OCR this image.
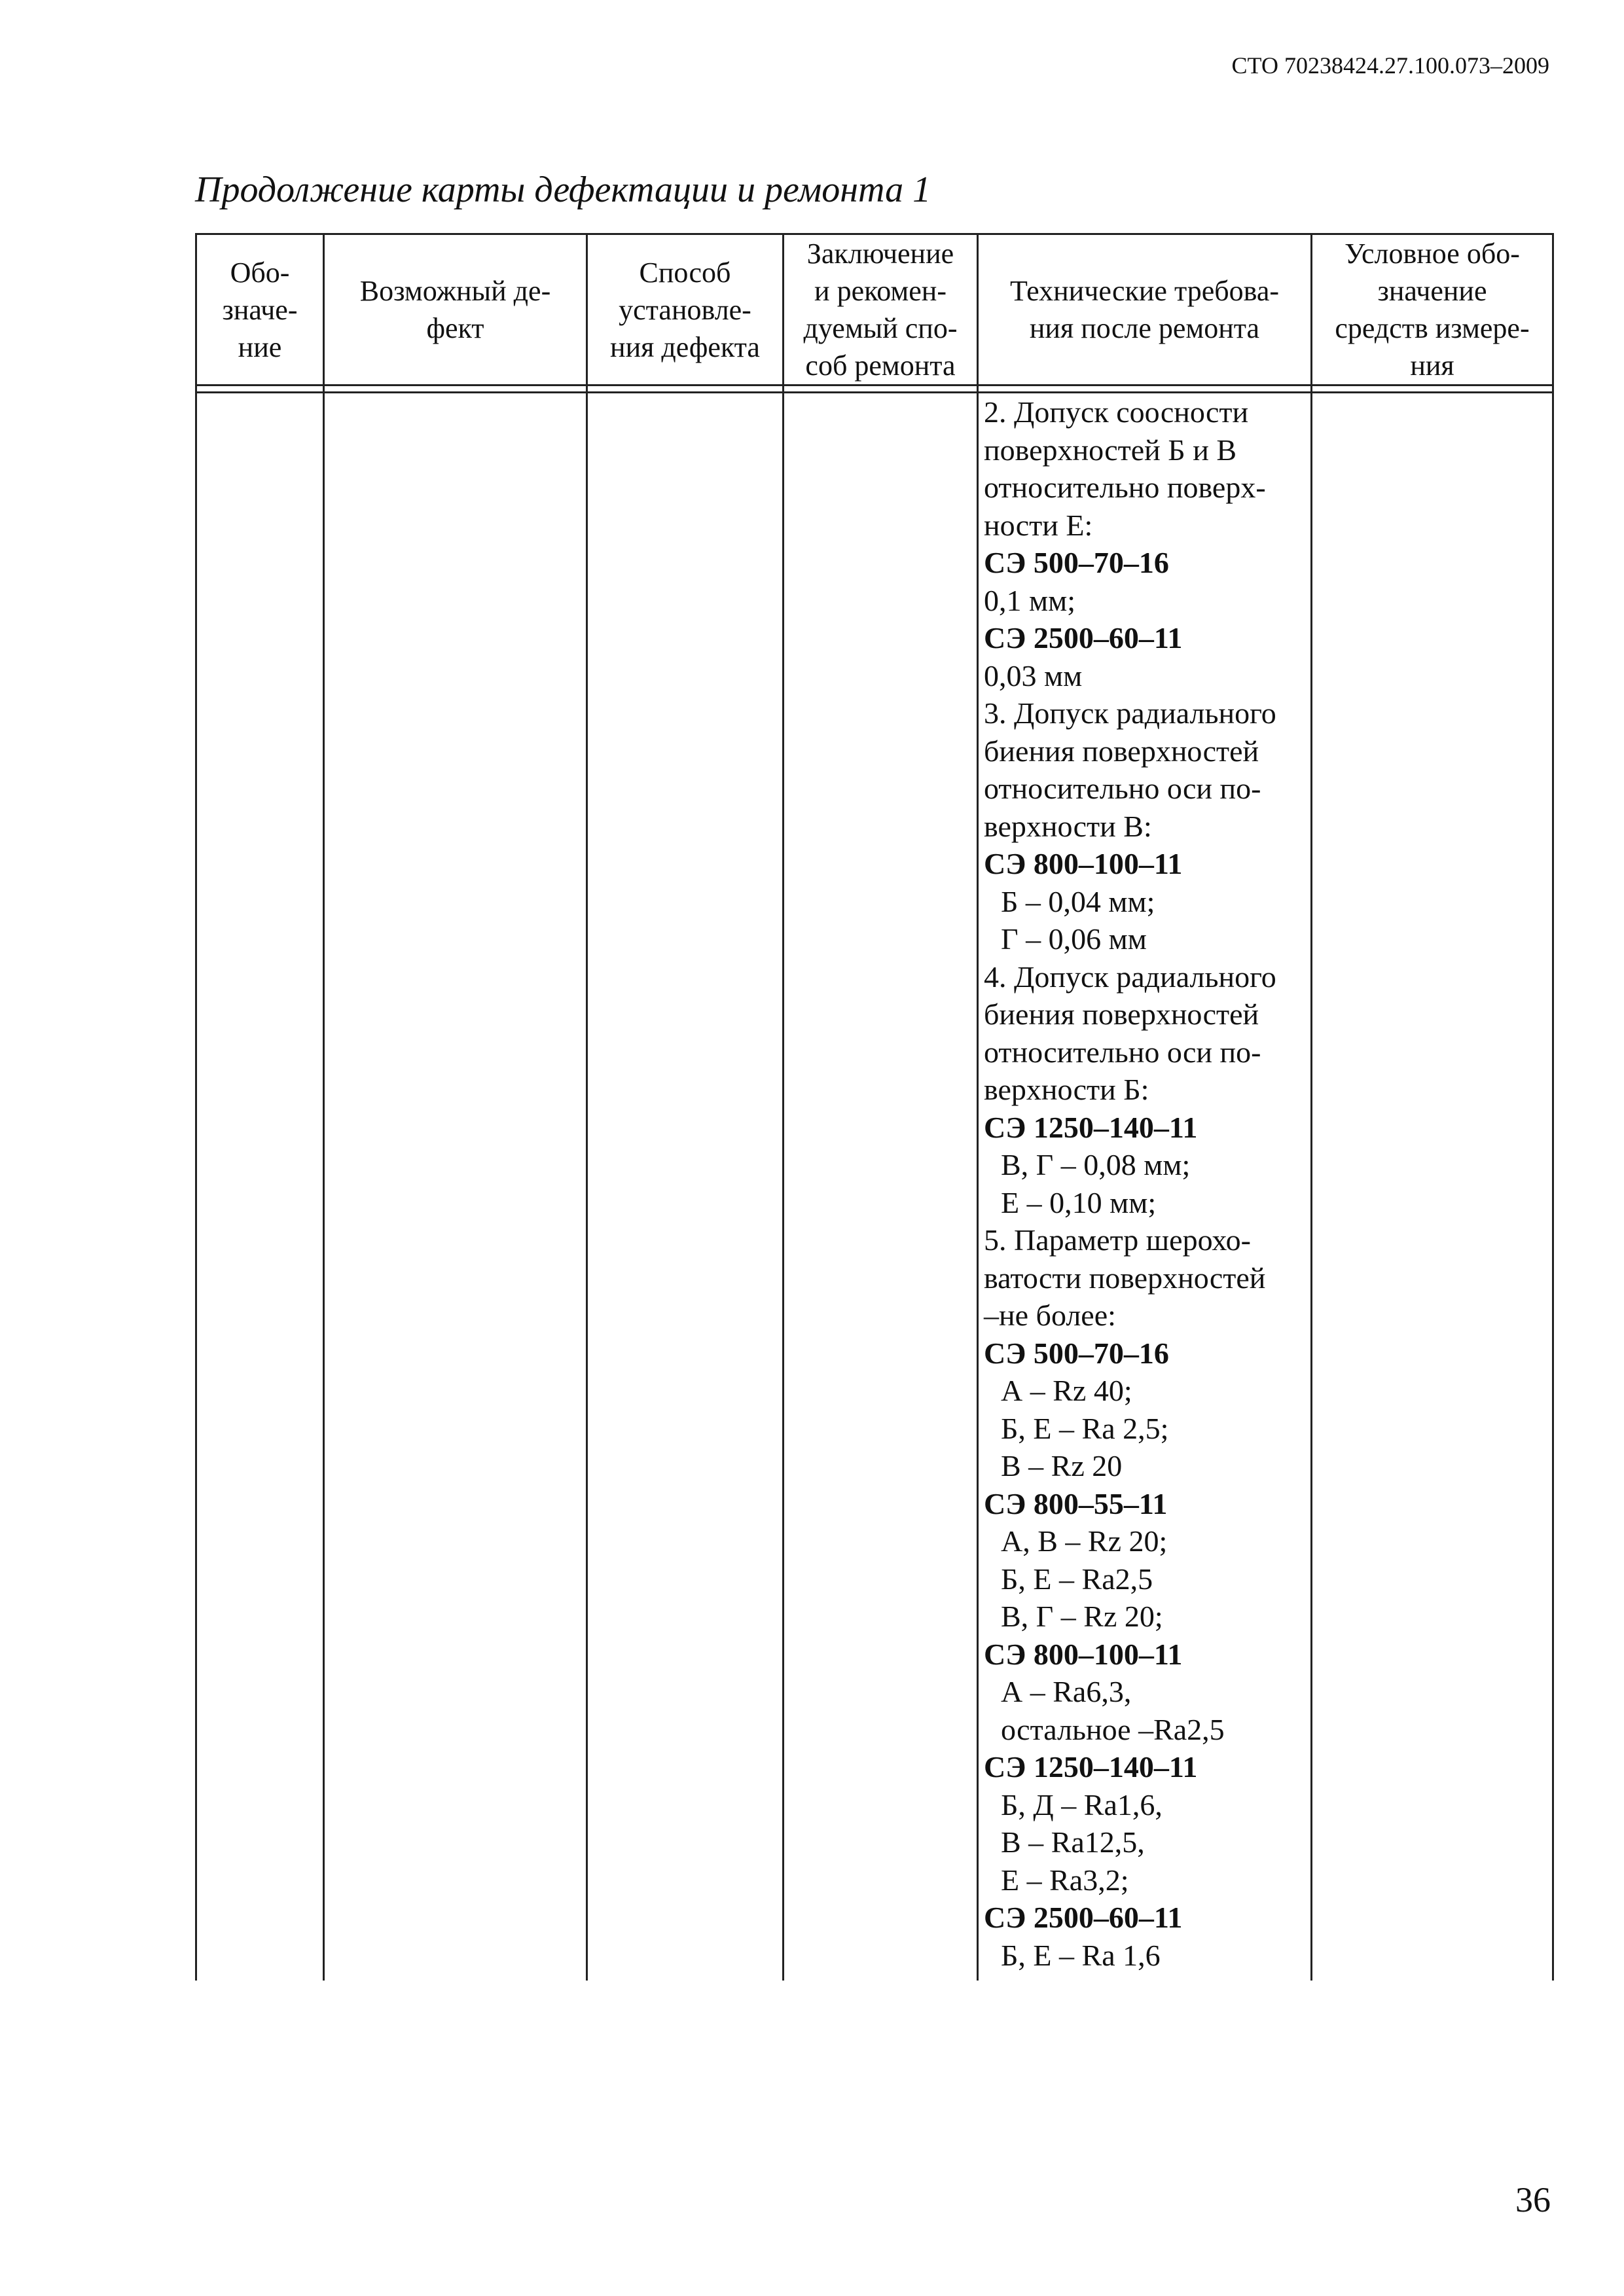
СТО 70238424.27.100.073–2009
Продолжение карты дефектации и ремонта 1
Обо-
значе-
ние
Возможный де-
фект
Способ
установле-
ния дефекта
Заключение
и рекомен-
дуемый спо-
соб ремонта
Технические требова-
ния после ремонта
Условное обо-
значение
средств измере-
ния
2. Допуск соосности
поверхностей Б и В
относительно поверх-
ности Е:
СЭ 500–70–16
0,1 мм;
СЭ 2500–60–11
0,03 мм
3. Допуск радиального
биения поверхностей
относительно оси по-
верхности В:
СЭ 800–100–11
Б – 0,04 мм;
Г – 0,06 мм
4. Допуск радиального
биения поверхностей
относительно оси по-
верхности Б:
СЭ 1250–140–11
В, Г – 0,08 мм;
Е – 0,10 мм;
5. Параметр шерохо-
ватости поверхностей
–не более:
СЭ 500–70–16
А – Rz 40;
Б, Е – Ra 2,5;
В – Rz 20
СЭ 800–55–11
А, В – Rz 20;
Б, Е – Ra2,5
В, Г – Rz 20;
СЭ 800–100–11
А – Ra6,3,
остальное –Ra2,5
СЭ 1250–140–11
Б, Д – Ra1,6,
В – Ra12,5,
Е – Ra3,2;
СЭ 2500–60–11
Б, Е – Ra 1,6
36
